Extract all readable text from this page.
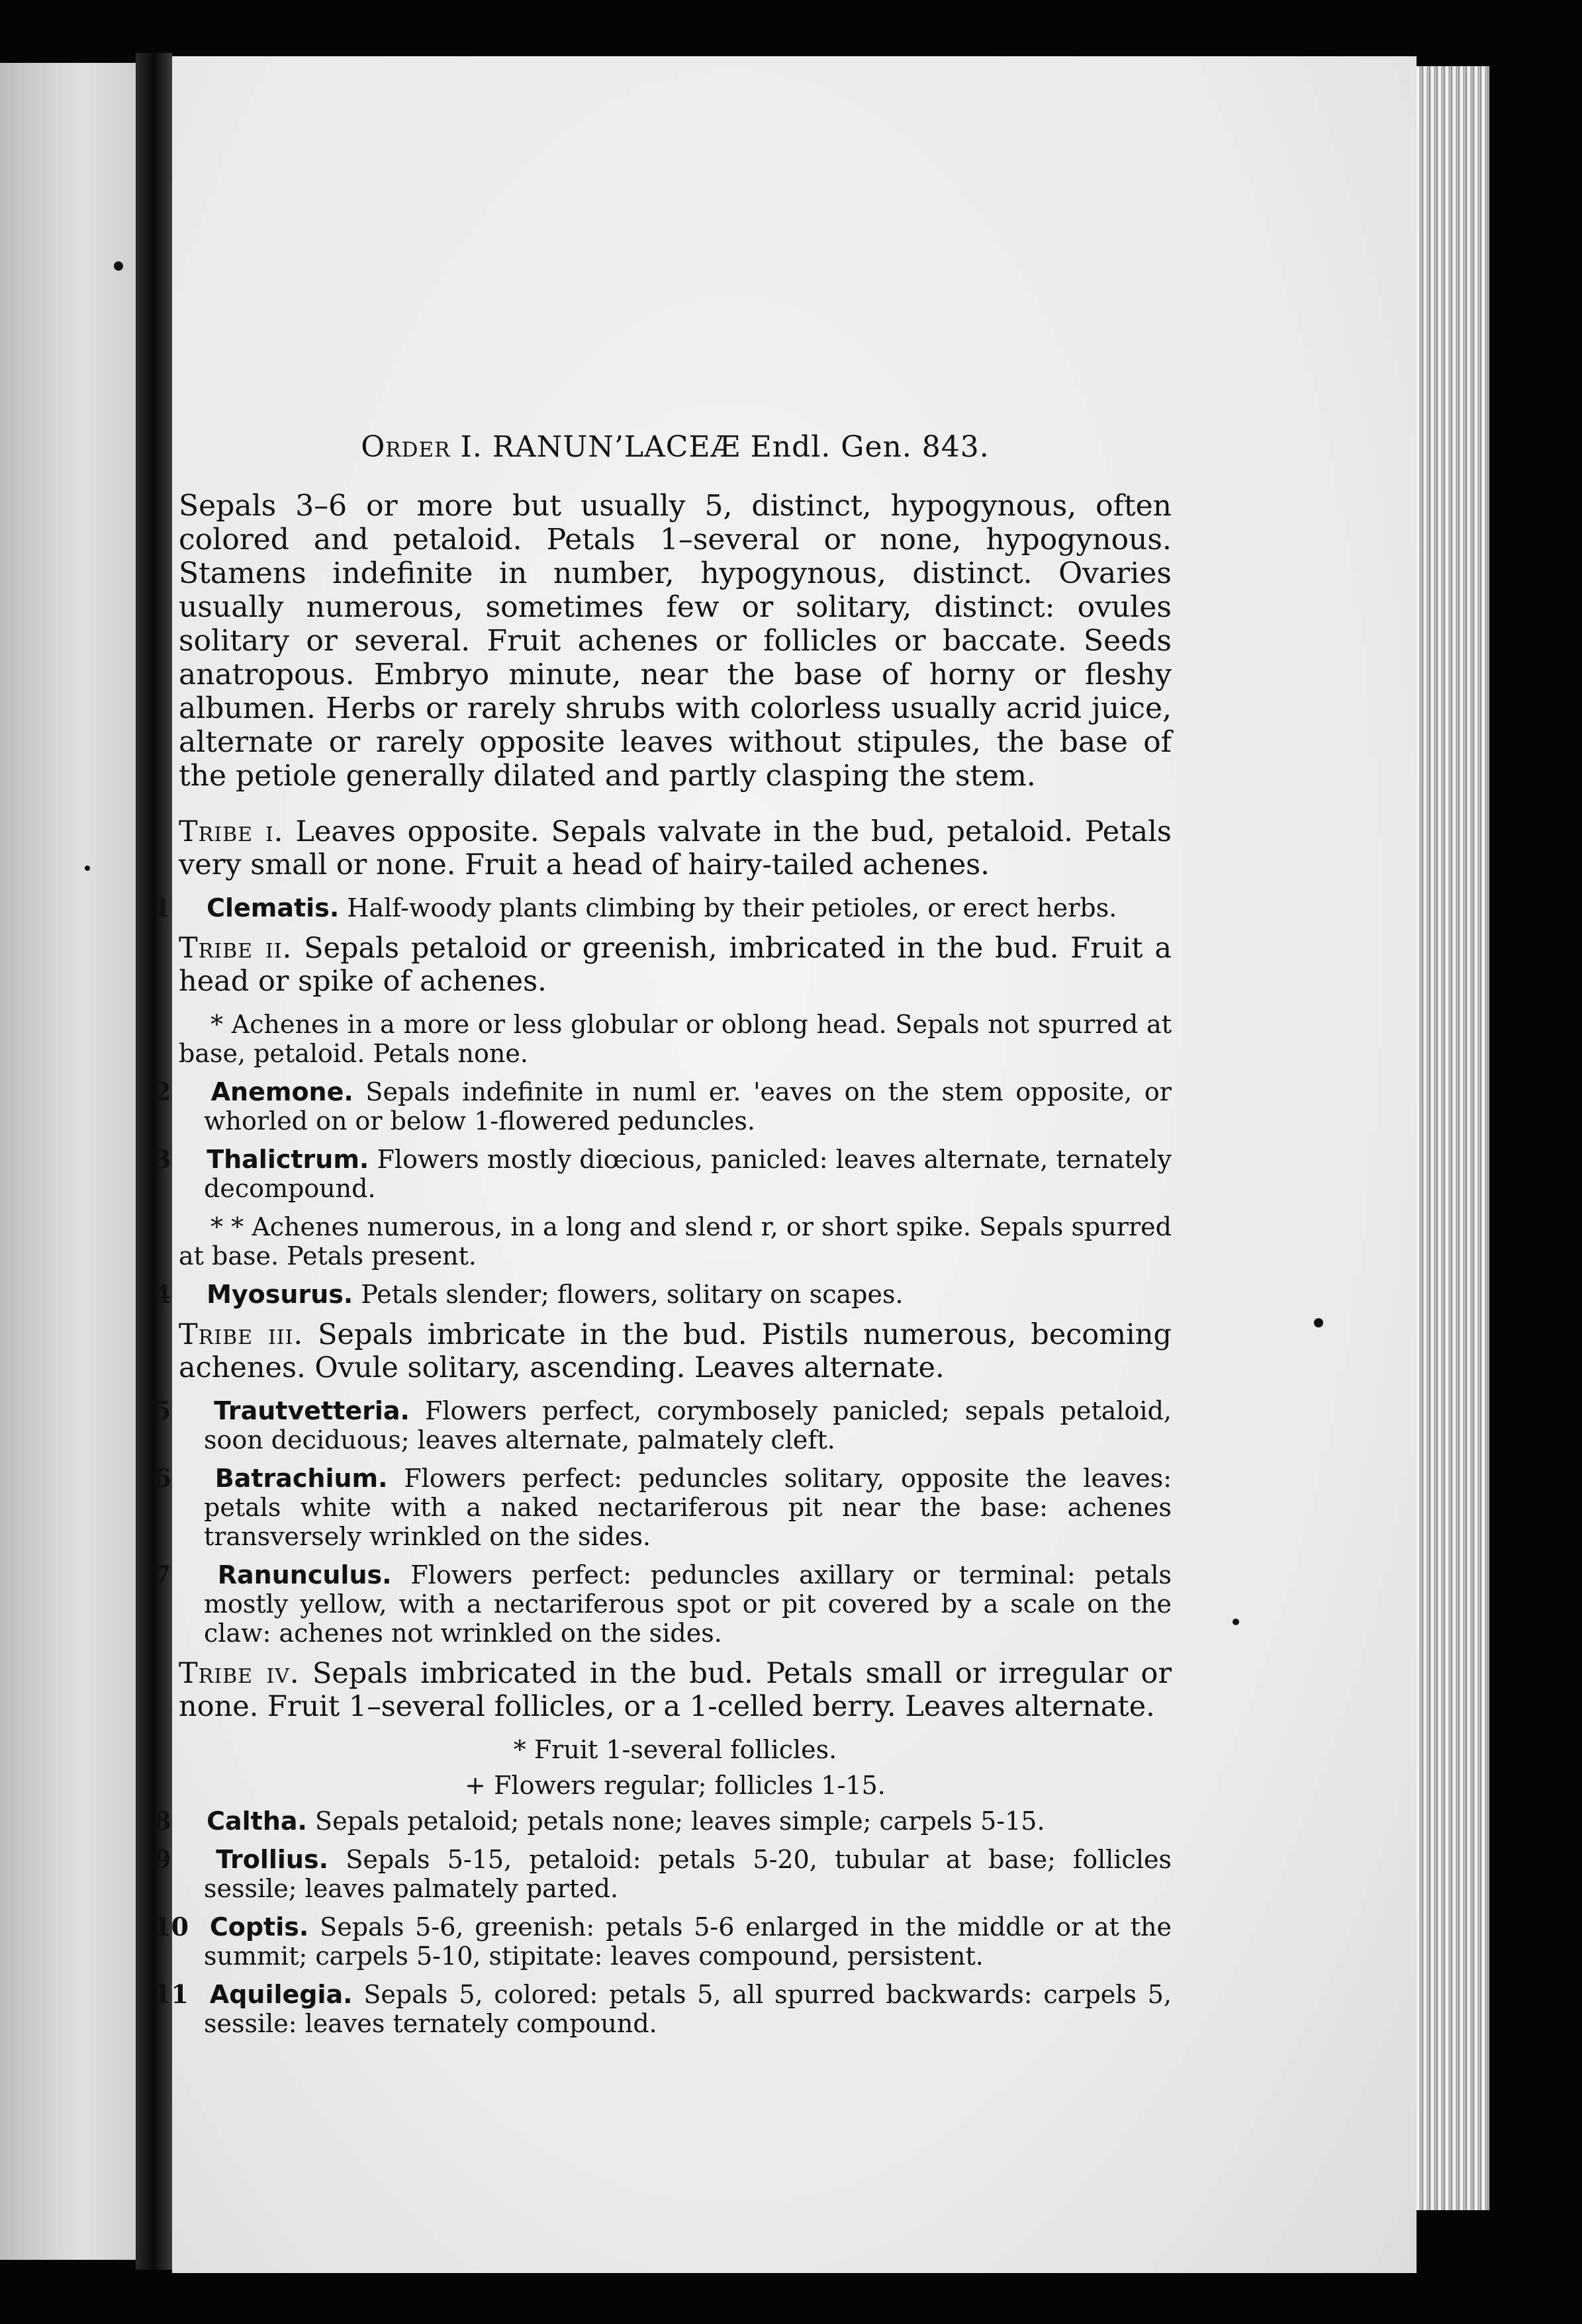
Order I. RANUN’LACEÆ Endl. Gen. 843.

Sepals 3–6 or more but usually 5, distinct, hypogynous, often colored and petaloid. Petals 1–several or none, hypogynous. Stamens indefinite in number, hypogynous, distinct. Ovaries usually numerous, sometimes few or solitary, distinct: ovules solitary or several. Fruit achenes or follicles or baccate. Seeds anatropous. Embryo minute, near the base of horny or fleshy albumen. Herbs or rarely shrubs with colorless usually acrid juice, alternate or rarely opposite leaves without stipules, the base of the petiole generally dilated and partly clasping the stem.

Tribe i. Leaves opposite. Sepals valvate in the bud, petaloid. Petals very small or none. Fruit a head of hairy-tailed achenes.

1 Clematis. Half-woody plants climbing by their petioles, or erect herbs.

Tribe ii. Sepals petaloid or greenish, imbricated in the bud. Fruit a head or spike of achenes.

* Achenes in a more or less globular or oblong head. Sepals not spurred at base, petaloid. Petals none.

2 Anemone. Sepals indefinite in numl er. 'eaves on the stem opposite, or whorled on or below 1-flowered peduncles.

3 Thalictrum. Flowers mostly diœcious, panicled: leaves alternate, ternately decompound.

* * Achenes numerous, in a long and slend r, or short spike. Sepals spurred at base. Petals present.

4 Myosurus. Petals slender; flowers, solitary on scapes.

Tribe iii. Sepals imbricate in the bud. Pistils numerous, becoming achenes. Ovule solitary, ascending. Leaves alternate.

5 Trautvetteria. Flowers perfect, corymbosely panicled; sepals petaloid, soon deciduous; leaves alternate, palmately cleft.

6 Batrachium. Flowers perfect: peduncles solitary, opposite the leaves: petals white with a naked nectariferous pit near the base: achenes transversely wrinkled on the sides.

7 Ranunculus. Flowers perfect: peduncles axillary or terminal: petals mostly yellow, with a nectariferous spot or pit covered by a scale on the claw: achenes not wrinkled on the sides.

Tribe iv. Sepals imbricated in the bud. Petals small or irregular or none. Fruit 1–several follicles, or a 1-celled berry. Leaves alternate.

* Fruit 1-several follicles.

+ Flowers regular; follicles 1-15.

8 Caltha. Sepals petaloid; petals none; leaves simple; carpels 5-15.

9 Trollius. Sepals 5-15, petaloid: petals 5-20, tubular at base; follicles sessile; leaves palmately parted.

10 Coptis. Sepals 5-6, greenish: petals 5-6 enlarged in the middle or at the summit; carpels 5-10, stipitate: leaves compound, persistent.

11 Aquilegia. Sepals 5, colored: petals 5, all spurred backwards: carpels 5, sessile: leaves ternately compound.
